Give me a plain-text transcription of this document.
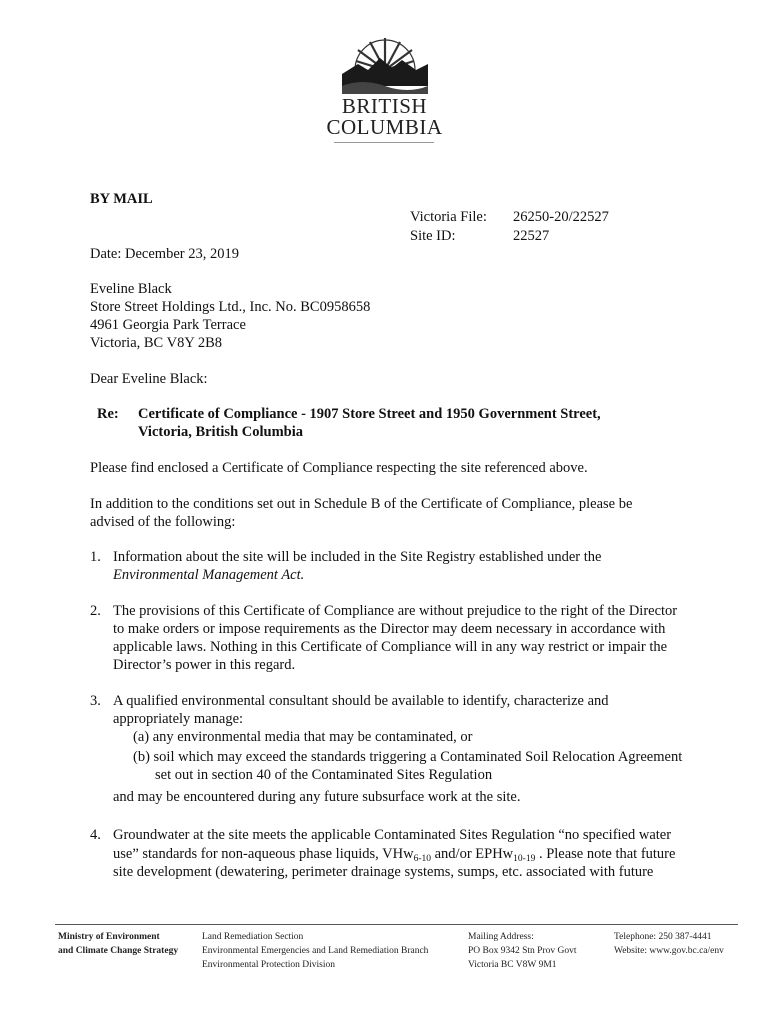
BRITISH
COLUMBIA
BY MAIL
Victoria File: 26250-20/22527
Site ID:	22527
Date: December 23, 2019
Eveline Black
Store Street Holdings Ltd., Inc. No. BC0958658
4961 Georgia Park Terrace
Victoria, BC V8Y 2B8
Dear Eveline Black:
Re: Certificate of Compliance - 1907 Store Street and 1950 Government Street,
Victoria, British Columbia
Please find enclosed a Certificate of Compliance respecting the site referenced above.
In addition to the conditions set out in Schedule B of the Certificate of Compliance, please be
advised of the following:
1. Information about the site will be included in the Site Registry established under the
Environmental Management Act.
2. The provisions of this Certificate of Compliance are without prejudice to the right of the Director
to make orders or impose requirements as the Director may deem necessary in accordance with
applicable laws. Nothing in this Certificate of Compliance will in any way restrict or impair the
Director’s power in this regard.
3. A qualified environmental consultant should be available to identify, characterize and
appropriately manage:
(a) any environmental media that may be contaminated, or
(b) soil which may exceed the standards triggering a Contaminated Soil Relocation Agreement
set out in section 40 of the Contaminated Sites Regulation
and may be encountered during any future subsurface work at the site.
4. Groundwater at the site meets the applicable Contaminated Sites Regulation “no specified water
use” standards for non-aqueous phase liquids, VHw$_{6-10}$ and/or EPHw$_{10-19}$ . Please note that future
site development (dewatering, perimeter drainage systems, sumps, etc. associated with future
Ministry of Environment
and Climate Change Strategy
Land Remediation Section
Environmental Emergencies and Land Remediation Branch
Environmental Protection Division
Mailing Address:
PO Box 9342 Stn Prov Govt
Victoria BC V8W 9M1
Telephone: 250 387-4441
Website: www.gov.bc.ca/env
